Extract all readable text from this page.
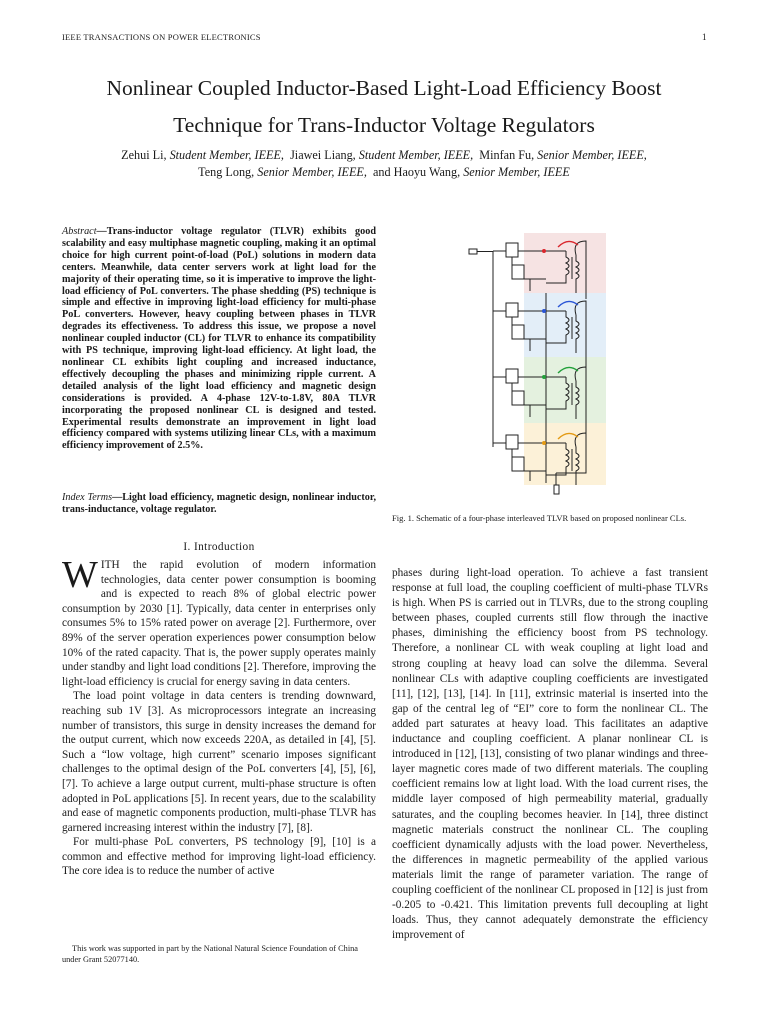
IEEE TRANSACTIONS ON POWER ELECTRONICS	1
Nonlinear Coupled Inductor-Based Light-Load Efficiency Boost
Technique for Trans-Inductor Voltage Regulators
Zehui Li, Student Member, IEEE, Jiawei Liang, Student Member, IEEE, Minfan Fu, Senior Member, IEEE,
Teng Long, Senior Member, IEEE, and Haoyu Wang, Senior Member, IEEE
Abstract—Trans-inductor voltage regulator (TLVR) exhibits good scalability and easy multiphase magnetic coupling, making it an optimal choice for high current point-of-load (PoL) solutions in modern data centers. Meanwhile, data center servers work at light load for the majority of their operating time, so it is imperative to improve the light-load efficiency of PoL converters. The phase shedding (PS) technique is simple and effective in improving light-load efficiency for multi-phase PoL converters. However, heavy coupling between phases in TLVR degrades its effectiveness. To address this issue, we propose a novel nonlinear coupled inductor (CL) for TLVR to enhance its compatibility with PS technique, improving light-load efficiency. At light load, the nonlinear CL exhibits light coupling and increased inductance, effectively decoupling the phases and minimizing ripple current. A detailed analysis of the light load efficiency and magnetic design considerations is provided. A 4-phase 12V-to-1.8V, 80A TLVR incorporating the proposed nonlinear CL is designed and tested. Experimental results demonstrate an improvement in light load efficiency compared with systems utilizing linear CLs, with a maximum efficiency improvement of 2.5%.
Index Terms—Light load efficiency, magnetic design, nonlinear inductor, trans-inductance, voltage regulator.
I. Introduction

WITH the rapid evolution of modern information technologies, data center power consumption is booming and is expected to reach 8% of global electric power consumption by 2030 [1]. Typically, data center in enterprises only consumes 5% to 15% rated power on average [2]. Furthermore, over 89% of the server operation experiences power consumption below 10% of the rated capacity. That is, the power supply operates mainly under standby and light load conditions [2]. Therefore, improving the light-load efficiency is crucial for energy saving in data centers.

The load point voltage in data centers is trending downward, reaching sub 1V [3]. As microprocessors integrate an increasing number of transistors, this surge in density increases the demand for the output current, which now exceeds 220A, as detailed in [4], [5]. Such a “low voltage, high current” scenario imposes significant challenges to the optimal design of the PoL converters [4], [5], [6], [7]. To achieve a large output current, multi-phase structure is often adopted in PoL applications [5]. In recent years, due to the scalability and ease of magnetic components production, multi-phase TLVR has garnered increasing interest within the industry [7], [8].

For multi-phase PoL converters, PS technology [9], [10] is a common and effective method for improving light-load efficiency. The core idea is to reduce the number of active

This work was supported in part by the National Natural Science Foundation of China under Grant 52077140.
Fig. 1. Schematic of a four-phase interleaved TLVR based on proposed nonlinear CLs.

phases during light-load operation. To achieve a fast transient response at full load, the coupling coefficient of multi-phase TLVRs is high. When PS is carried out in TLVRs, due to the strong coupling between phases, coupled currents still flow through the inactive phases, diminishing the efficiency boost from PS technology. Therefore, a nonlinear CL with weak coupling at light load and strong coupling at heavy load can solve the dilemma. Several nonlinear CLs with adaptive coupling coefficients are investigated [11], [12], [13], [14]. In [11], extrinsic material is inserted into the gap of the central leg of “EI” core to form the nonlinear CL. The added part saturates at heavy load. This facilitates an adaptive inductance and coupling coefficient. A planar nonlinear CL is introduced in [12], [13], consisting of two planar windings and three-layer magnetic cores made of two different materials. The coupling coefficient remains low at light load. With the load current rises, the middle layer composed of high permeability material, gradually saturates, and the coupling becomes heavier. In [14], three distinct magnetic materials construct the nonlinear CL. The coupling coefficient dynamically adjusts with the load power. Nevertheless, the differences in magnetic permeability of the applied various materials limit the range of parameter variation. The range of coupling coefficient of the nonlinear CL proposed in [12] is just from -0.205 to -0.421. This limitation prevents full decoupling at light loads. Thus, they cannot adequately demonstrate the efficiency improvement of
